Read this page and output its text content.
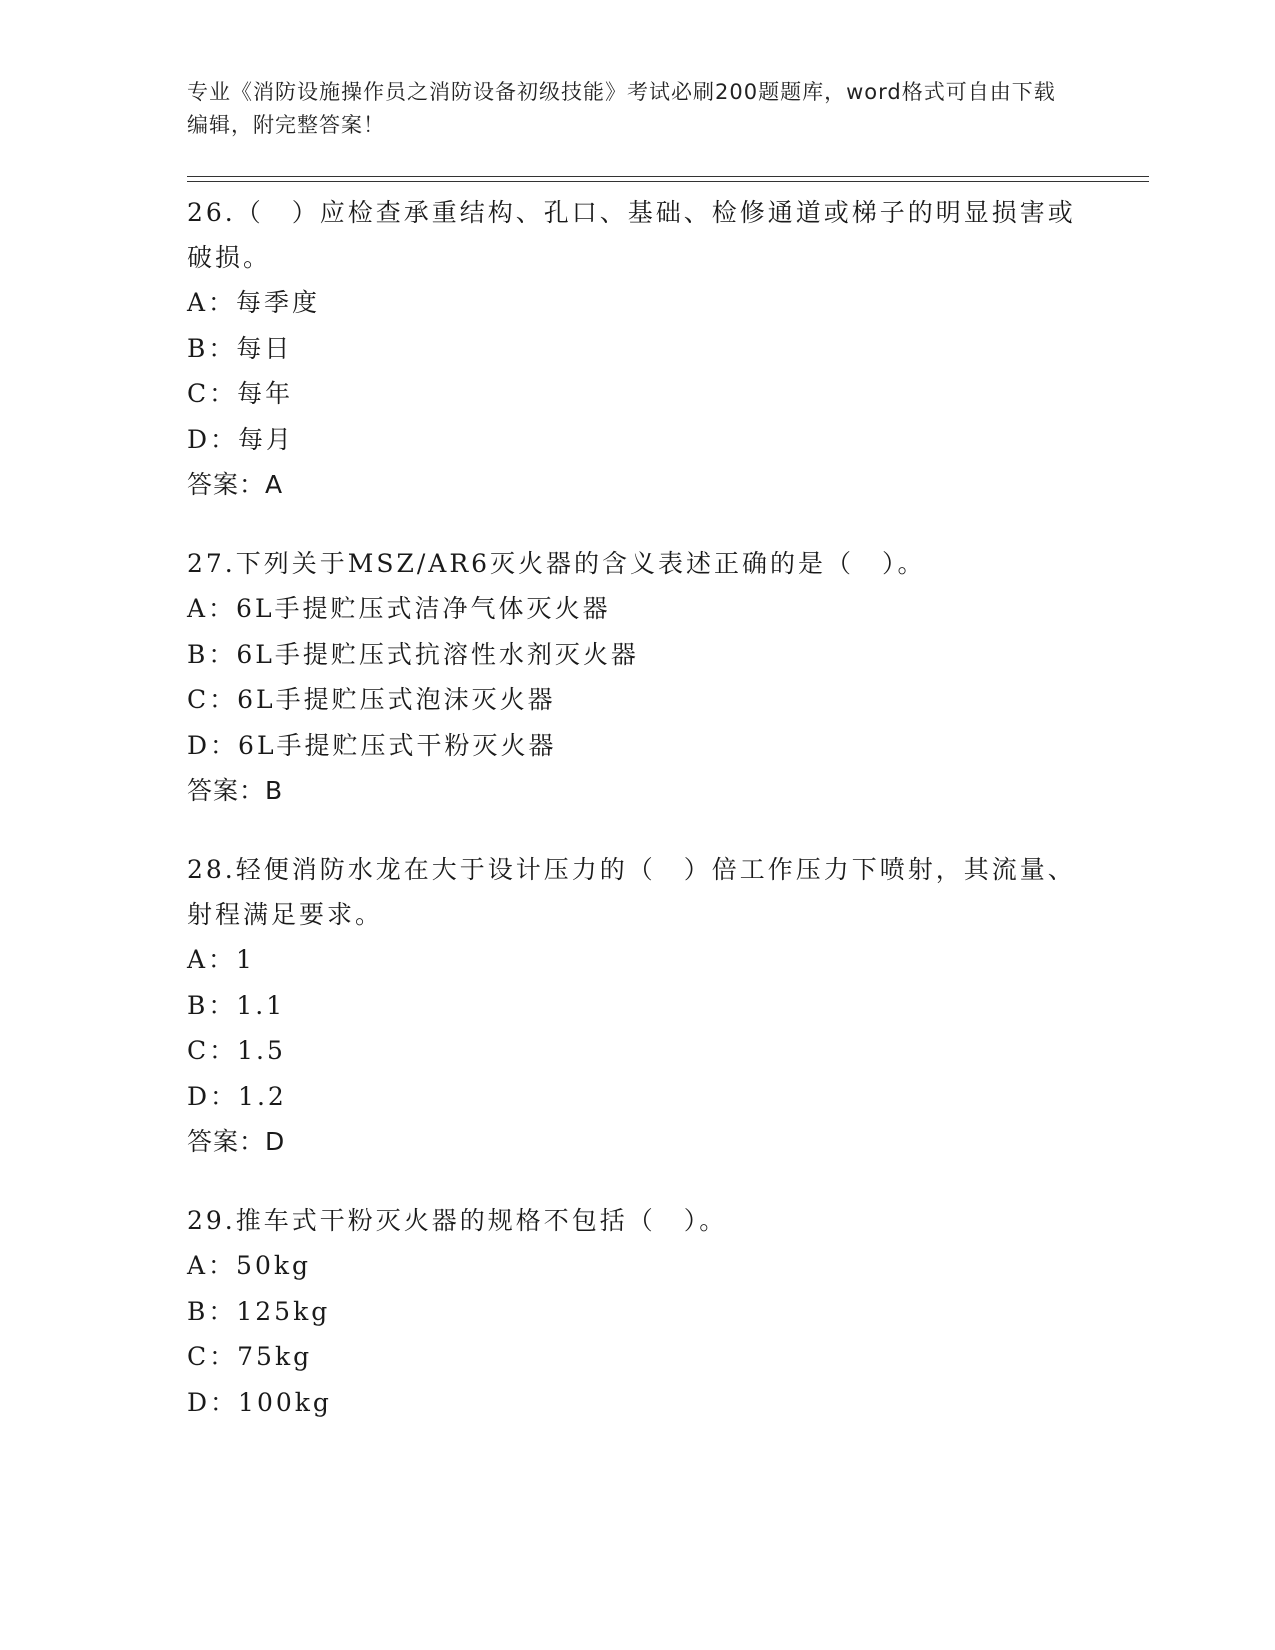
专业《消防设施操作员之消防设备初级技能》考试必刷200题题库，word格式可自由下载编辑，附完整答案！

26.（　）应检查承重结构、孔口、基础、检修通道或梯子的明显损害或破损。

A：每季度
B：每日
C：每年
D：每月
答案：A

27.下列关于MSZ/AR6灭火器的含义表述正确的是（　）。

A：6L手提贮压式洁净气体灭火器
B：6L手提贮压式抗溶性水剂灭火器
C：6L手提贮压式泡沫灭火器
D：6L手提贮压式干粉灭火器
答案：B

28.轻便消防水龙在大于设计压力的（　）倍工作压力下喷射，其流量、射程满足要求。

A：1
B：1.1
C：1.5
D：1.2
答案：D

29.推车式干粉灭火器的规格不包括（　）。

A：50kg
B：125kg
C：75kg
D：100kg
